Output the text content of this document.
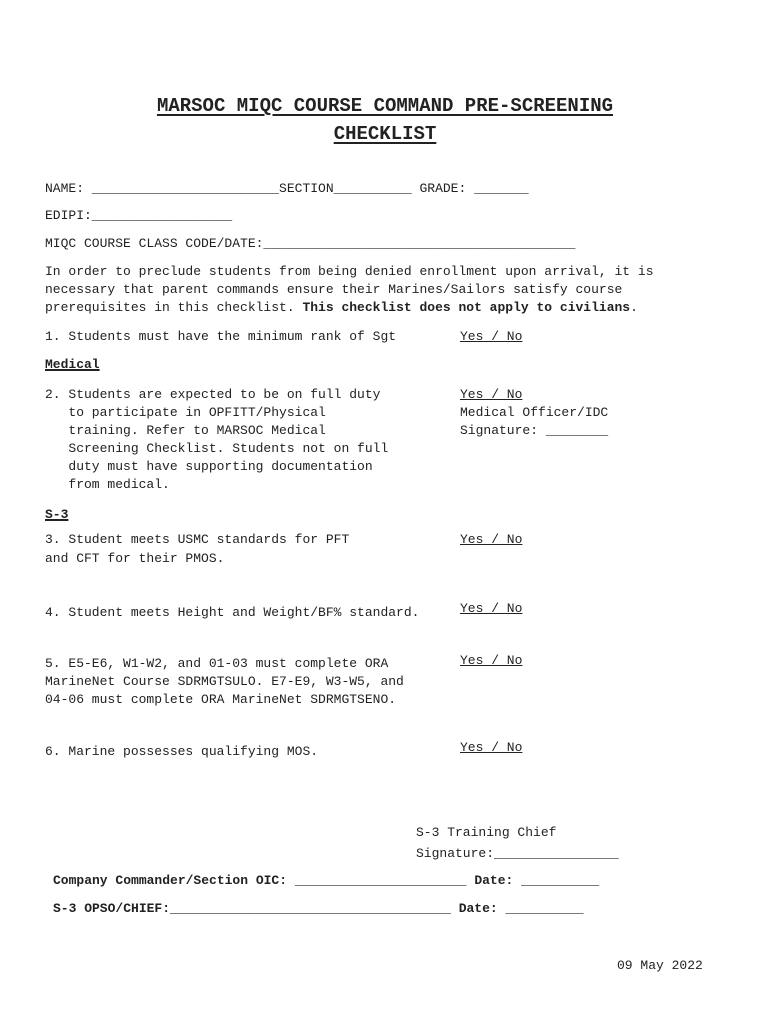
MARSOC MIQC COURSE COMMAND PRE-SCREENING
CHECKLIST
NAME: ________________________SECTION__________ GRADE: _______
EDIPI:__________________
MIQC COURSE CLASS CODE/DATE:________________________________________
In order to preclude students from being denied enrollment upon arrival, it is
necessary that parent commands ensure their Marines/Sailors satisfy course
prerequisites in this checklist. This checklist does not apply to civilians.
1. Students must have the minimum rank of Sgt	Yes / No
Medical
2. Students are expected to be on full duty
to participate in OPFITT/Physical
training. Refer to MARSOC Medical
Screening Checklist. Students not on full
duty must have supporting documentation
from medical.
Yes / No
Medical Officer/IDC
Signature: ________
S-3
3. Student meets USMC standards for PFT
and CFT for their PMOS.
Yes / No
4. Student meets Height and Weight/BF% standard.	Yes / No
5. E5-E6, W1-W2, and 01-03 must complete ORA
MarineNet Course SDRMGTSULO. E7-E9, W3-W5, and
04-06 must complete ORA MarineNet SDRMGTSENO.
Yes / No
6. Marine possesses qualifying MOS.	Yes / No
S-3 Training Chief
Signature:________________
Company Commander/Section OIC: ______________________ Date: __________
S-3 OPSO/CHIEF:____________________________________ Date: __________
09 May 2022
